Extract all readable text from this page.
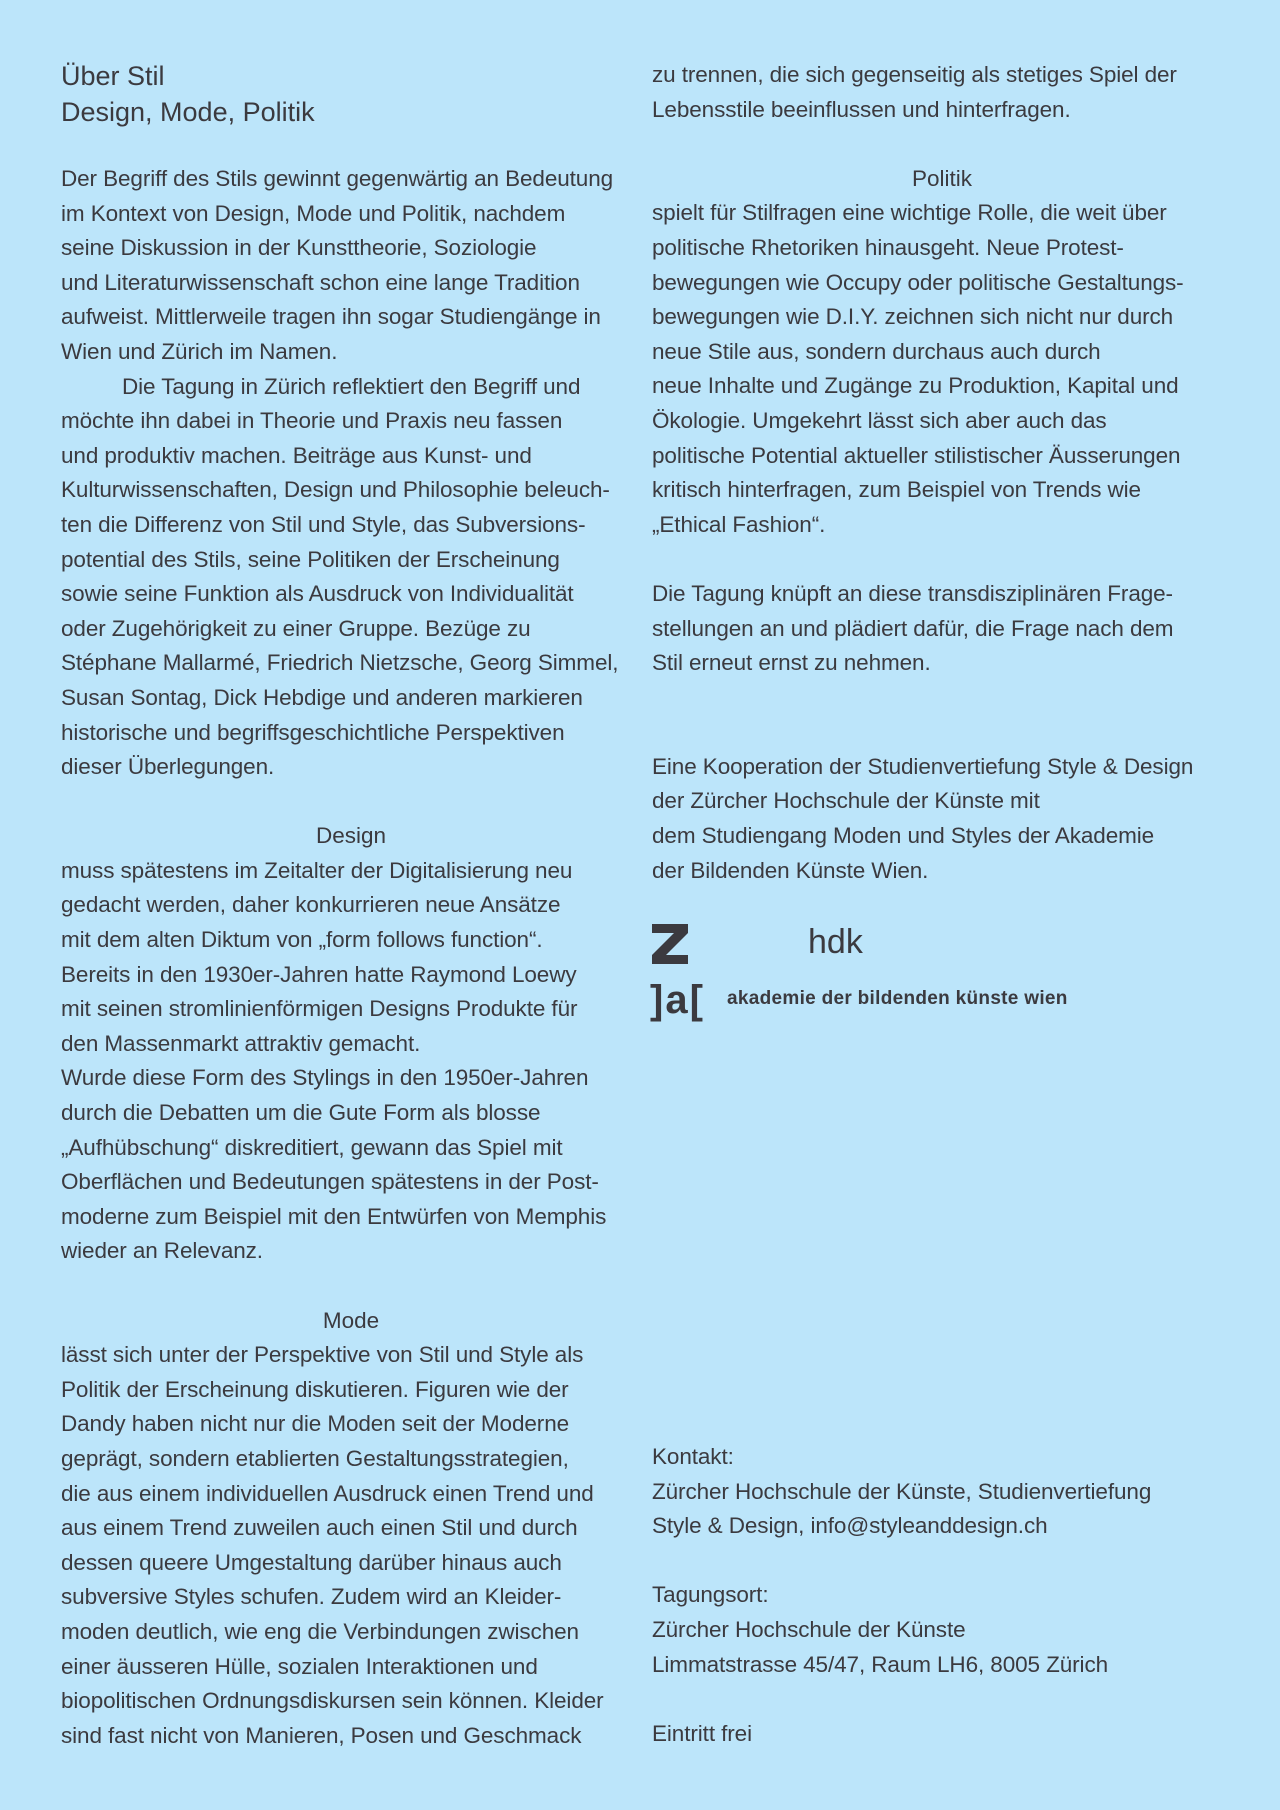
Über Stil
Design, Mode, Politik
Der Begriff des Stils gewinnt gegenwärtig an Bedeutung
im Kontext von Design, Mode und Politik, nachdem
seine Diskussion in der Kunsttheorie, Soziologie
und Literaturwissenschaft schon eine lange Tradition
aufweist. Mittlerweile tragen ihn sogar Studiengänge in
Wien und Zürich im Namen.
Die Tagung in Zürich reflektiert den Begriff und
möchte ihn dabei in Theorie und Praxis neu fassen
und produktiv machen. Beiträge aus Kunst- und
Kulturwissenschaften, Design und Philosophie beleuch-
ten die Differenz von Stil und Style, das Subversions-
potential des Stils, seine Politiken der Erscheinung
sowie seine Funktion als Ausdruck von Individualität
oder Zugehörigkeit zu einer Gruppe. Bezüge zu
Stéphane Mallarmé, Friedrich Nietzsche, Georg Simmel,
Susan Sontag, Dick Hebdige und anderen markieren
historische und begriffsgeschichtliche Perspektiven
dieser Überlegungen.
Design
muss spätestens im Zeitalter der Digitalisierung neu
gedacht werden, daher konkurrieren neue Ansätze
mit dem alten Diktum von „form follows function“.
Bereits in den 1930er-Jahren hatte Raymond Loewy
mit seinen stromlinienförmigen Designs Produkte für
den Massenmarkt attraktiv gemacht.
Wurde diese Form des Stylings in den 1950er-Jahren
durch die Debatten um die Gute Form als blosse
„Aufhübschung“ diskreditiert, gewann das Spiel mit
Oberflächen und Bedeutungen spätestens in der Post-
moderne zum Beispiel mit den Entwürfen von Memphis
wieder an Relevanz.
Mode
lässt sich unter der Perspektive von Stil und Style als
Politik der Erscheinung diskutieren. Figuren wie der
Dandy haben nicht nur die Moden seit der Moderne
geprägt, sondern etablierten Gestaltungsstrategien,
die aus einem individuellen Ausdruck einen Trend und
aus einem Trend zuweilen auch einen Stil und durch
dessen queere Umgestaltung darüber hinaus auch
subversive Styles schufen. Zudem wird an Kleider-
moden deutlich, wie eng die Verbindungen zwischen
einer äusseren Hülle, sozialen Interaktionen und
biopolitischen Ordnungsdiskursen sein können. Kleider
sind fast nicht von Manieren, Posen und Geschmack
zu trennen, die sich gegenseitig als stetiges Spiel der
Lebensstile beeinflussen und hinterfragen.
Politik
spielt für Stilfragen eine wichtige Rolle, die weit über
politische Rhetoriken hinausgeht. Neue Protest-
bewegungen wie Occupy oder politische Gestaltungs-
bewegungen wie D.I.Y. zeichnen sich nicht nur durch
neue Stile aus, sondern durchaus auch durch
neue Inhalte und Zugänge zu Produktion, Kapital und
Ökologie. Umgekehrt lässt sich aber auch das
politische Potential aktueller stilistischer Äusserungen
kritisch hinterfragen, zum Beispiel von Trends wie
„Ethical Fashion“.
Die Tagung knüpft an diese transdisziplinären Frage-
stellungen an und plädiert dafür, die Frage nach dem
Stil erneut ernst zu nehmen.
Eine Kooperation der Studienvertiefung Style & Design
der Zürcher Hochschule der Künste mit
dem Studiengang Moden und Styles der Akademie
der Bildenden Künste Wien.
hdk
]a[ akademie der bildenden künste wien
Kontakt:
Zürcher Hochschule der Künste, Studienvertiefung
Style & Design, info@styleanddesign.ch
Tagungsort:
Zürcher Hochschule der Künste
Limmatstrasse 45/47, Raum LH6, 8005 Zürich
Eintritt frei
